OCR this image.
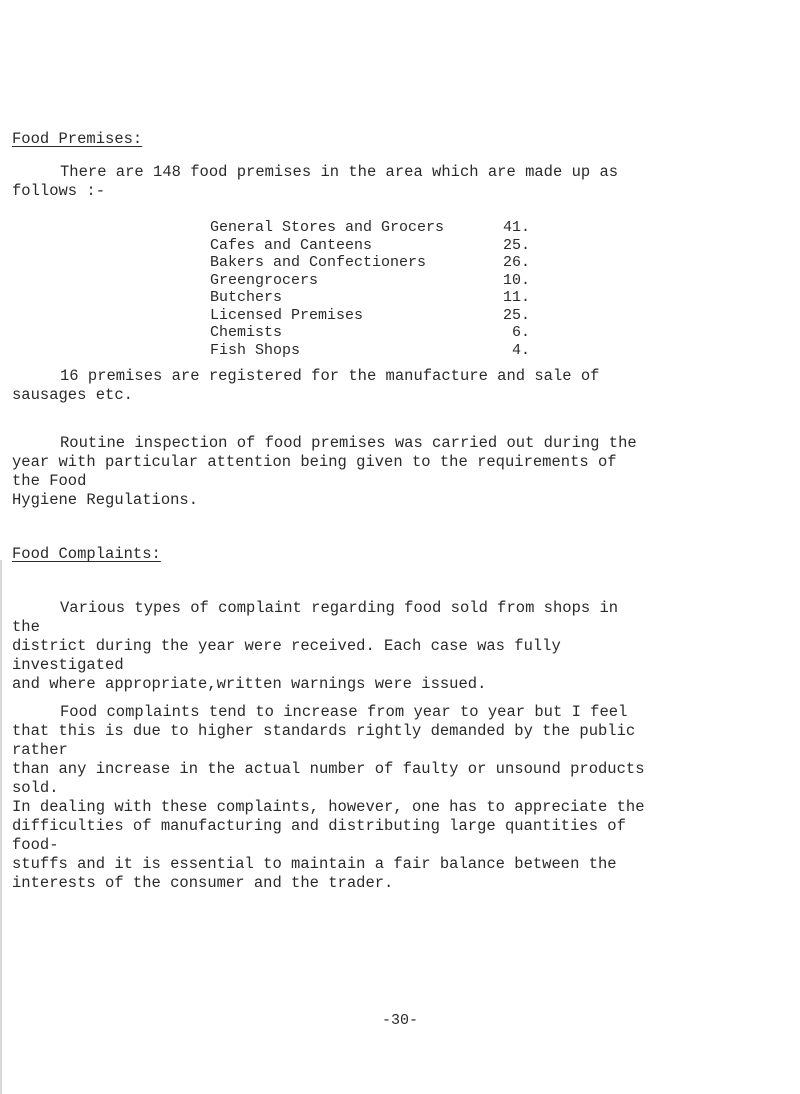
Food Premises:
There are 148 food premises in the area which are made up as
follows :-
General Stores and Grocers	41.
Cafes and Canteens	25.
Bakers and Confectioners	26.
Greengrocers	10.
Butchers	11.
Licensed Premises	25.
Chemists	6.
Fish Shops	4.
16 premises are registered for the manufacture and sale of
sausages etc.
Routine inspection of food premises was carried out during the
year with particular attention being given to the requirements of the Food
Hygiene Regulations.
Food Complaints:
Various types of complaint regarding food sold from shops in the
district during the year were received. Each case was fully investigated
and where appropriate,written warnings were issued.
Food complaints tend to increase from year to year but I feel
that this is due to higher standards rightly demanded by the public rather
than any increase in the actual number of faulty or unsound products sold.
In dealing with these complaints, however, one has to appreciate the
difficulties of manufacturing and distributing large quantities of food-
stuffs and it is essential to maintain a fair balance between the
interests of the consumer and the trader.
-30-
